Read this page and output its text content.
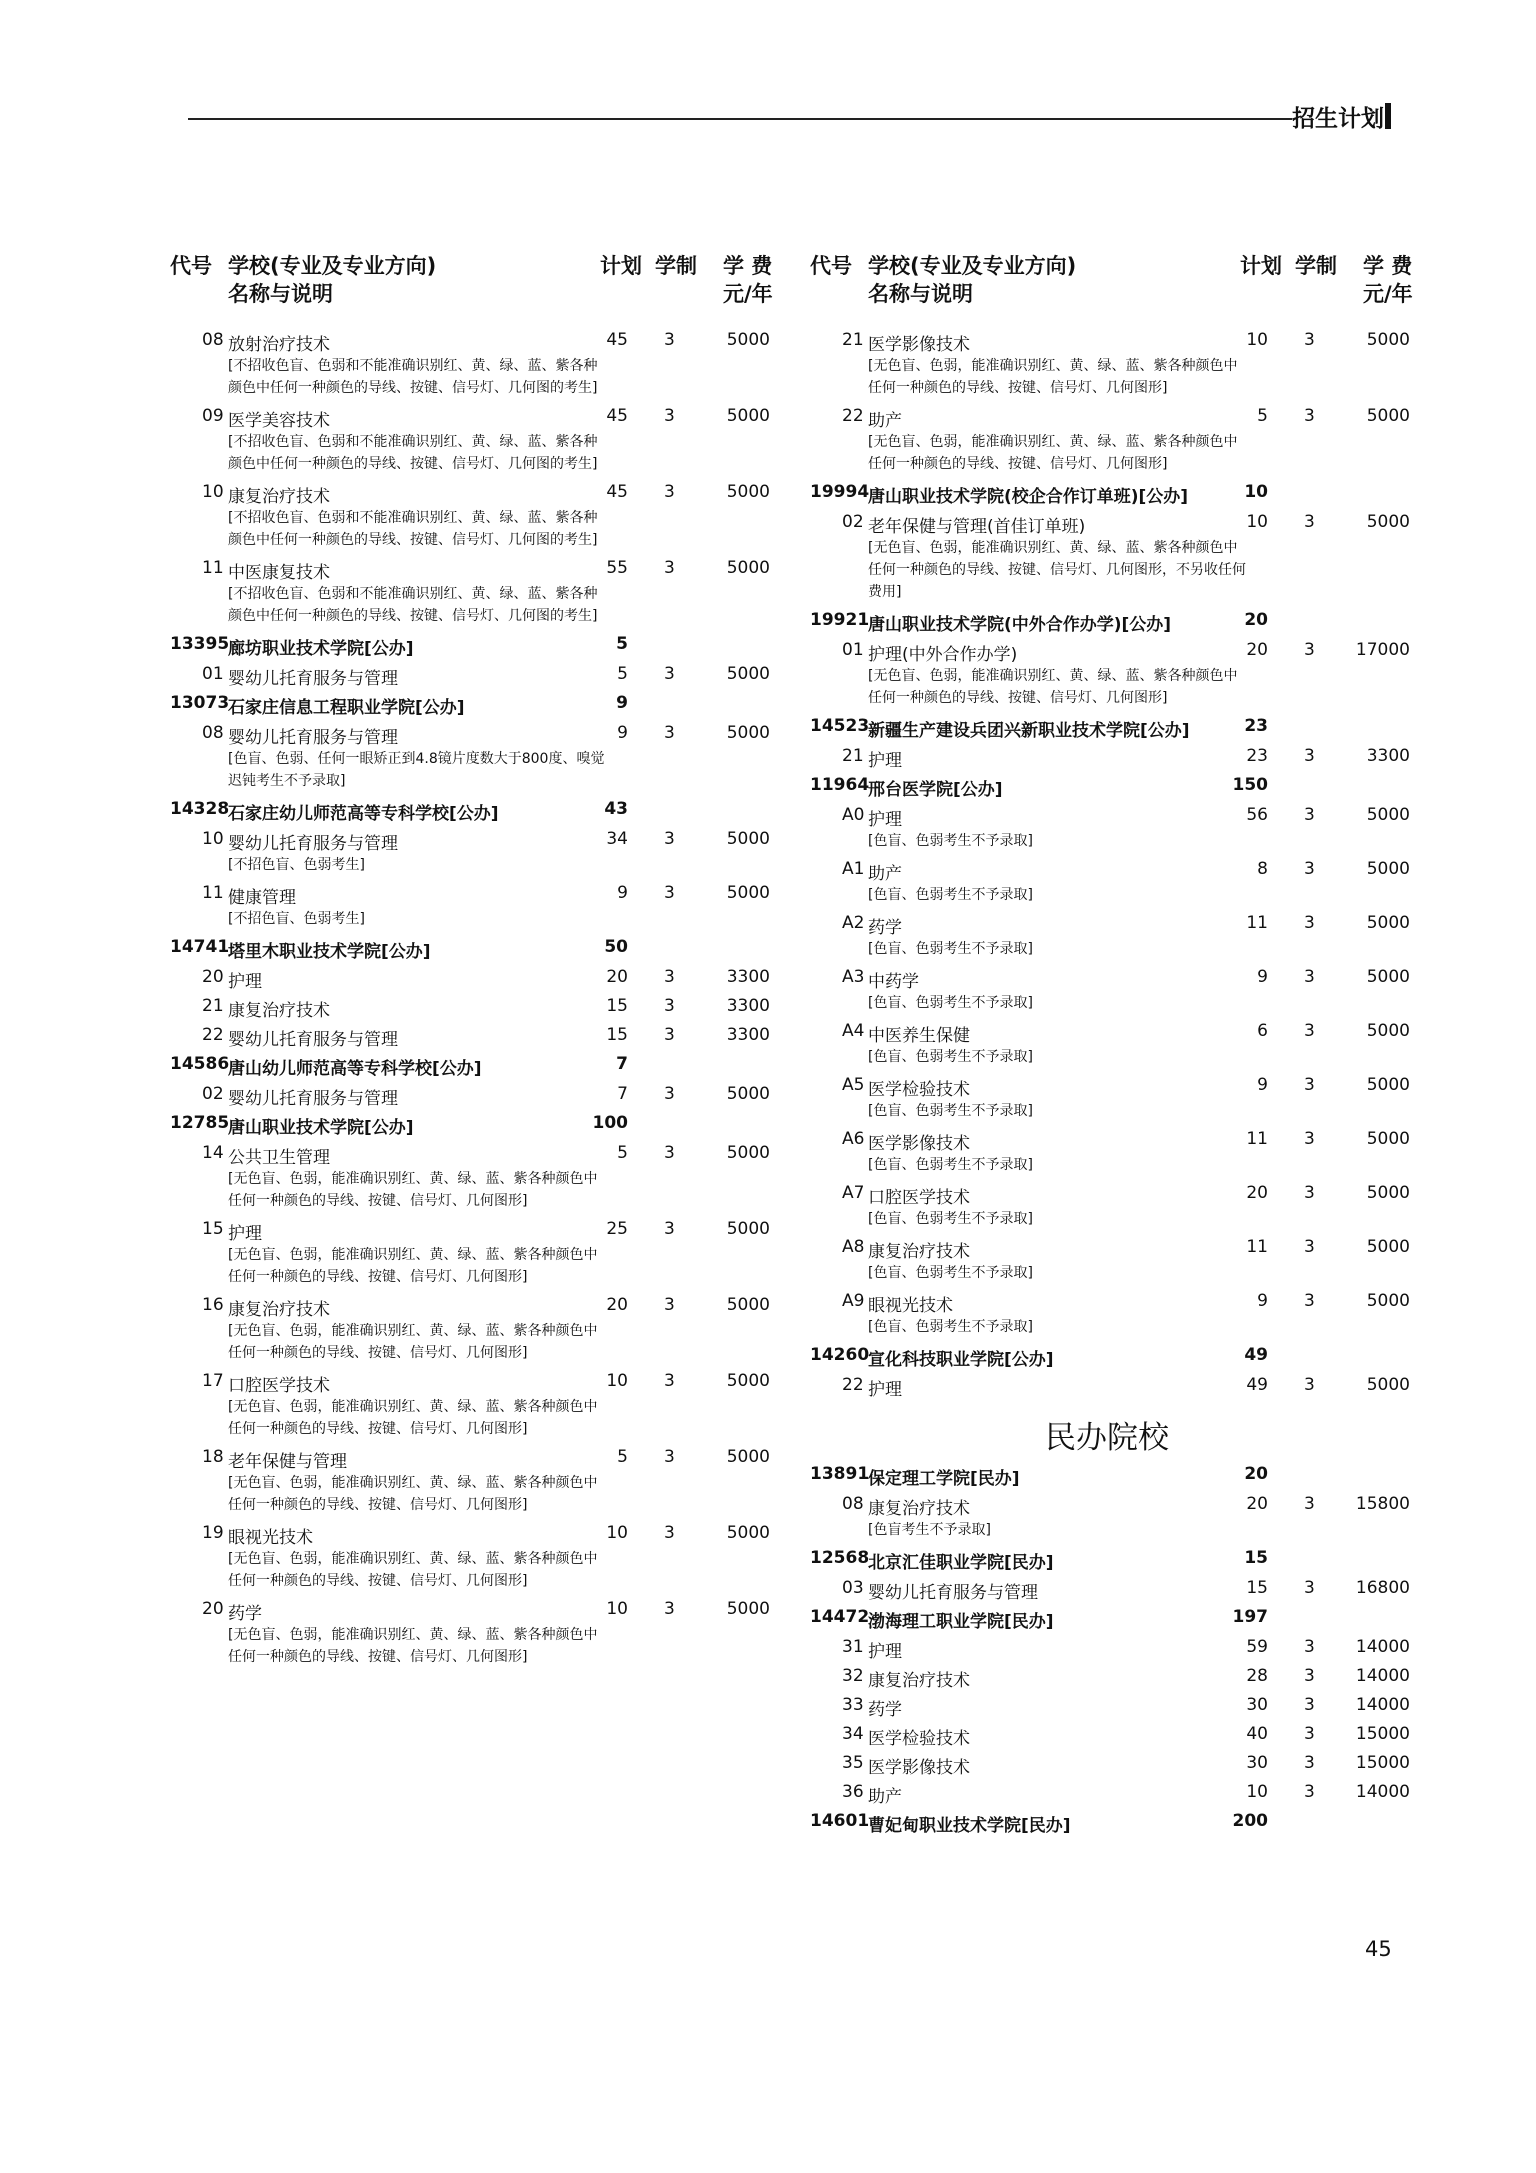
招生计划
代号 学校(专业及专业方向)
名称与说明
计划 学制 学 费
元/年
08 放射治疗技术	45 3	5000
[不招收色盲、色弱和不能准确识别红、黄、绿、蓝、紫各种颜色中任何一种颜色的导线、按键、信号灯、几何图的考生]
09 医学美容技术	45 3	5000
[不招收色盲、色弱和不能准确识别红、黄、绿、蓝、紫各种颜色中任何一种颜色的导线、按键、信号灯、几何图的考生]
10 康复治疗技术	45 3	5000
[不招收色盲、色弱和不能准确识别红、黄、绿、蓝、紫各种颜色中任何一种颜色的导线、按键、信号灯、几何图的考生]
11 中医康复技术	55 3	5000
[不招收色盲、色弱和不能准确识别红、黄、绿、蓝、紫各种颜色中任何一种颜色的导线、按键、信号灯、几何图的考生]
13395
廊坊职业技术学院[公办]	5
01 婴幼儿托育服务与管理	5 3	5000
13073
石家庄信息工程职业学院[公办]	9
08 婴幼儿托育服务与管理	9 3	5000
[色盲、色弱、任何一眼矫正到4.8镜片度数大于800度、嗅觉迟钝考生不予录取]
14328
石家庄幼儿师范高等专科学校[公办]	43
10 婴幼儿托育服务与管理	34 3	5000
[不招色盲、色弱考生]
11 健康管理	9 3	5000
[不招色盲、色弱考生]
14741
塔里木职业技术学院[公办]	50
20 护理	20 3	3300
21 康复治疗技术	15 3	3300
22 婴幼儿托育服务与管理	15 3	3300
14586
唐山幼儿师范高等专科学校[公办]	7
02 婴幼儿托育服务与管理	7 3	5000
12785
唐山职业技术学院[公办]	100
14 公共卫生管理	5 3	5000
[无色盲、色弱，能准确识别红、黄、绿、蓝、紫各种颜色中任何一种颜色的导线、按键、信号灯、几何图形]
15 护理	25 3	5000
[无色盲、色弱，能准确识别红、黄、绿、蓝、紫各种颜色中任何一种颜色的导线、按键、信号灯、几何图形]
16 康复治疗技术	20 3	5000
[无色盲、色弱，能准确识别红、黄、绿、蓝、紫各种颜色中任何一种颜色的导线、按键、信号灯、几何图形]
17 口腔医学技术	10 3	5000
[无色盲、色弱，能准确识别红、黄、绿、蓝、紫各种颜色中任何一种颜色的导线、按键、信号灯、几何图形]
18 老年保健与管理	5 3	5000
[无色盲、色弱，能准确识别红、黄、绿、蓝、紫各种颜色中任何一种颜色的导线、按键、信号灯、几何图形]
19 眼视光技术	10 3	5000
[无色盲、色弱，能准确识别红、黄、绿、蓝、紫各种颜色中任何一种颜色的导线、按键、信号灯、几何图形]
20 药学	10 3	5000
[无色盲、色弱，能准确识别红、黄、绿、蓝、紫各种颜色中任何一种颜色的导线、按键、信号灯、几何图形]
代号 学校(专业及专业方向)
名称与说明
计划 学制 学 费
元/年
21 医学影像技术	10 3	5000
[无色盲、色弱，能准确识别红、黄、绿、蓝、紫各种颜色中任何一种颜色的导线、按键、信号灯、几何图形]
22 助产	5 3	5000
[无色盲、色弱，能准确识别红、黄、绿、蓝、紫各种颜色中任何一种颜色的导线、按键、信号灯、几何图形]
19994
唐山职业技术学院(校企合作订单班)[公办]	10
02 老年保健与管理(首佳订单班)	10 3	5000
[无色盲、色弱，能准确识别红、黄、绿、蓝、紫各种颜色中任何一种颜色的导线、按键、信号灯、几何图形，不另收任何费用]
19921
唐山职业技术学院(中外合作办学)[公办]	20
01 护理(中外合作办学)	20 3	17000
[无色盲、色弱，能准确识别红、黄、绿、蓝、紫各种颜色中任何一种颜色的导线、按键、信号灯、几何图形]
14523
新疆生产建设兵团兴新职业技术学院[公办]	23
21 护理	23 3	3300
11964
邢台医学院[公办]	150
A0 护理	56 3	5000
[色盲、色弱考生不予录取]
A1 助产	8 3	5000
[色盲、色弱考生不予录取]
A2 药学	11 3	5000
[色盲、色弱考生不予录取]
A3 中药学	9 3	5000
[色盲、色弱考生不予录取]
A4 中医养生保健	6 3	5000
[色盲、色弱考生不予录取]
A5 医学检验技术	9 3	5000
[色盲、色弱考生不予录取]
A6 医学影像技术	11 3	5000
[色盲、色弱考生不予录取]
A7 口腔医学技术	20 3	5000
[色盲、色弱考生不予录取]
A8 康复治疗技术	11 3	5000
[色盲、色弱考生不予录取]
A9 眼视光技术	9 3	5000
[色盲、色弱考生不予录取]
14260
宣化科技职业学院[公办]	49
22 护理	49 3	5000
民办院校
13891
保定理工学院[民办]	20
08 康复治疗技术	20 3	15800
[色盲考生不予录取]
12568
北京汇佳职业学院[民办]	15
03 婴幼儿托育服务与管理	15 3	16800
14472
渤海理工职业学院[民办]	197
31 护理	59 3	14000
32 康复治疗技术	28 3	14000
33 药学	30 3	14000
34 医学检验技术	40 3	15000
35 医学影像技术	30 3	15000
36 助产	10 3	14000
14601
曹妃甸职业技术学院[民办]	200
45
